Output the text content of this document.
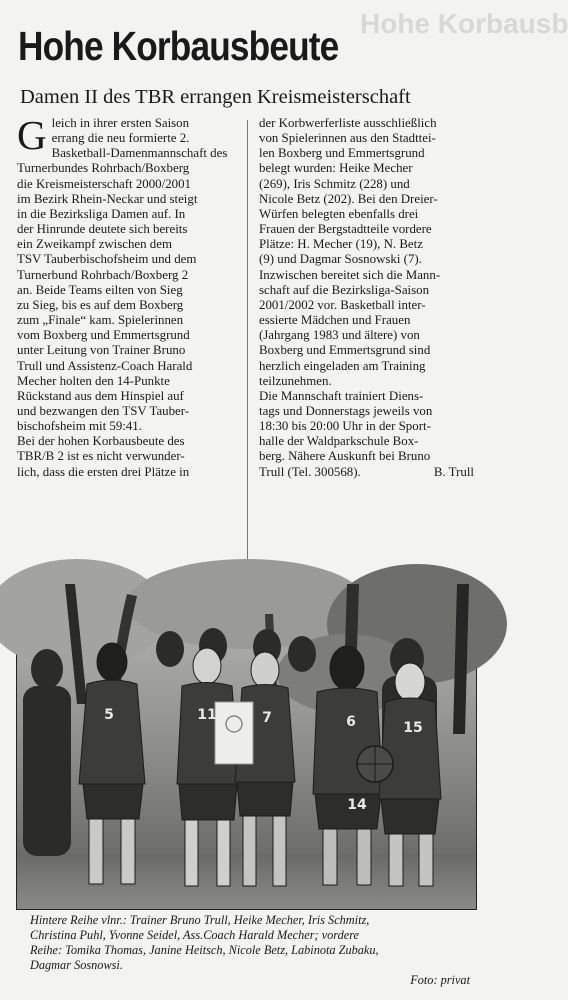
Hohe Korbausb
Hohe Korbausbeute
Damen II des TBR errangen Kreismeisterschaft
G leich in ihrer ersten Saison
errang die neu formierte 2.
Basketball-Damenmannschaft des
Turnerbundes Rohrbach/Boxberg
die Kreismeisterschaft 2000/2001
im Bezirk Rhein-Neckar und steigt
in die Bezirksliga Damen auf. In
der Hinrunde deutete sich bereits
ein Zweikampf zwischen dem
TSV Tauberbischofsheim und dem
Turnerbund Rohrbach/Boxberg 2
an. Beide Teams eilten von Sieg
zu Sieg, bis es auf dem Boxberg
zum „Finale“ kam. Spielerinnen
vom Boxberg und Emmertsgrund
unter Leitung von Trainer Bruno
Trull und Assistenz-Coach Harald
Mecher holten den 14-Punkte
Rückstand aus dem Hinspiel auf
und bezwangen den TSV Tauber-
bischofsheim mit 59:41.
Bei der hohen Korbausbeute des
TBR/B 2 ist es nicht verwunder-
lich, dass die ersten drei Plätze in
der Korbwerferliste ausschließlich
von Spielerinnen aus den Stadttei-
len Boxberg und Emmertsgrund
belegt wurden: Heike Mecher
(269), Iris Schmitz (228) und
Nicole Betz (202). Bei den Dreier-
Würfen belegten ebenfalls drei
Frauen der Bergstadtteile vordere
Plätze: H. Mecher (19), N. Betz
(9) und Dagmar Sosnowski (7).
Inzwischen bereitet sich die Mann-
schaft auf die Bezirksliga-Saison
2001/2002 vor. Basketball inter-
essierte Mädchen und Frauen
(Jahrgang 1983 und ältere) von
Boxberg und Emmertsgrund sind
herzlich eingeladen am Training
teilzunehmen.
Die Mannschaft trainiert Diens-
tags und Donnerstags jeweils von
18:30 bis 20:00 Uhr in der Sport-
halle der Waldparkschule Box-
berg. Nähere Auskunft bei Bruno
Trull (Tel. 300568).	B. Trull
5	11	7	6	15
14
Hintere Reihe vlnr.: Trainer Bruno Trull, Heike Mecher, Iris Schmitz,
Christina Puhl, Yvonne Seidel, Ass.Coach Harald Mecher; vordere
Reihe: Tomika Thomas, Janine Heitsch, Nicole Betz, Labinota Zubaku,
Dagmar Sosnowsi.
Foto: privat
